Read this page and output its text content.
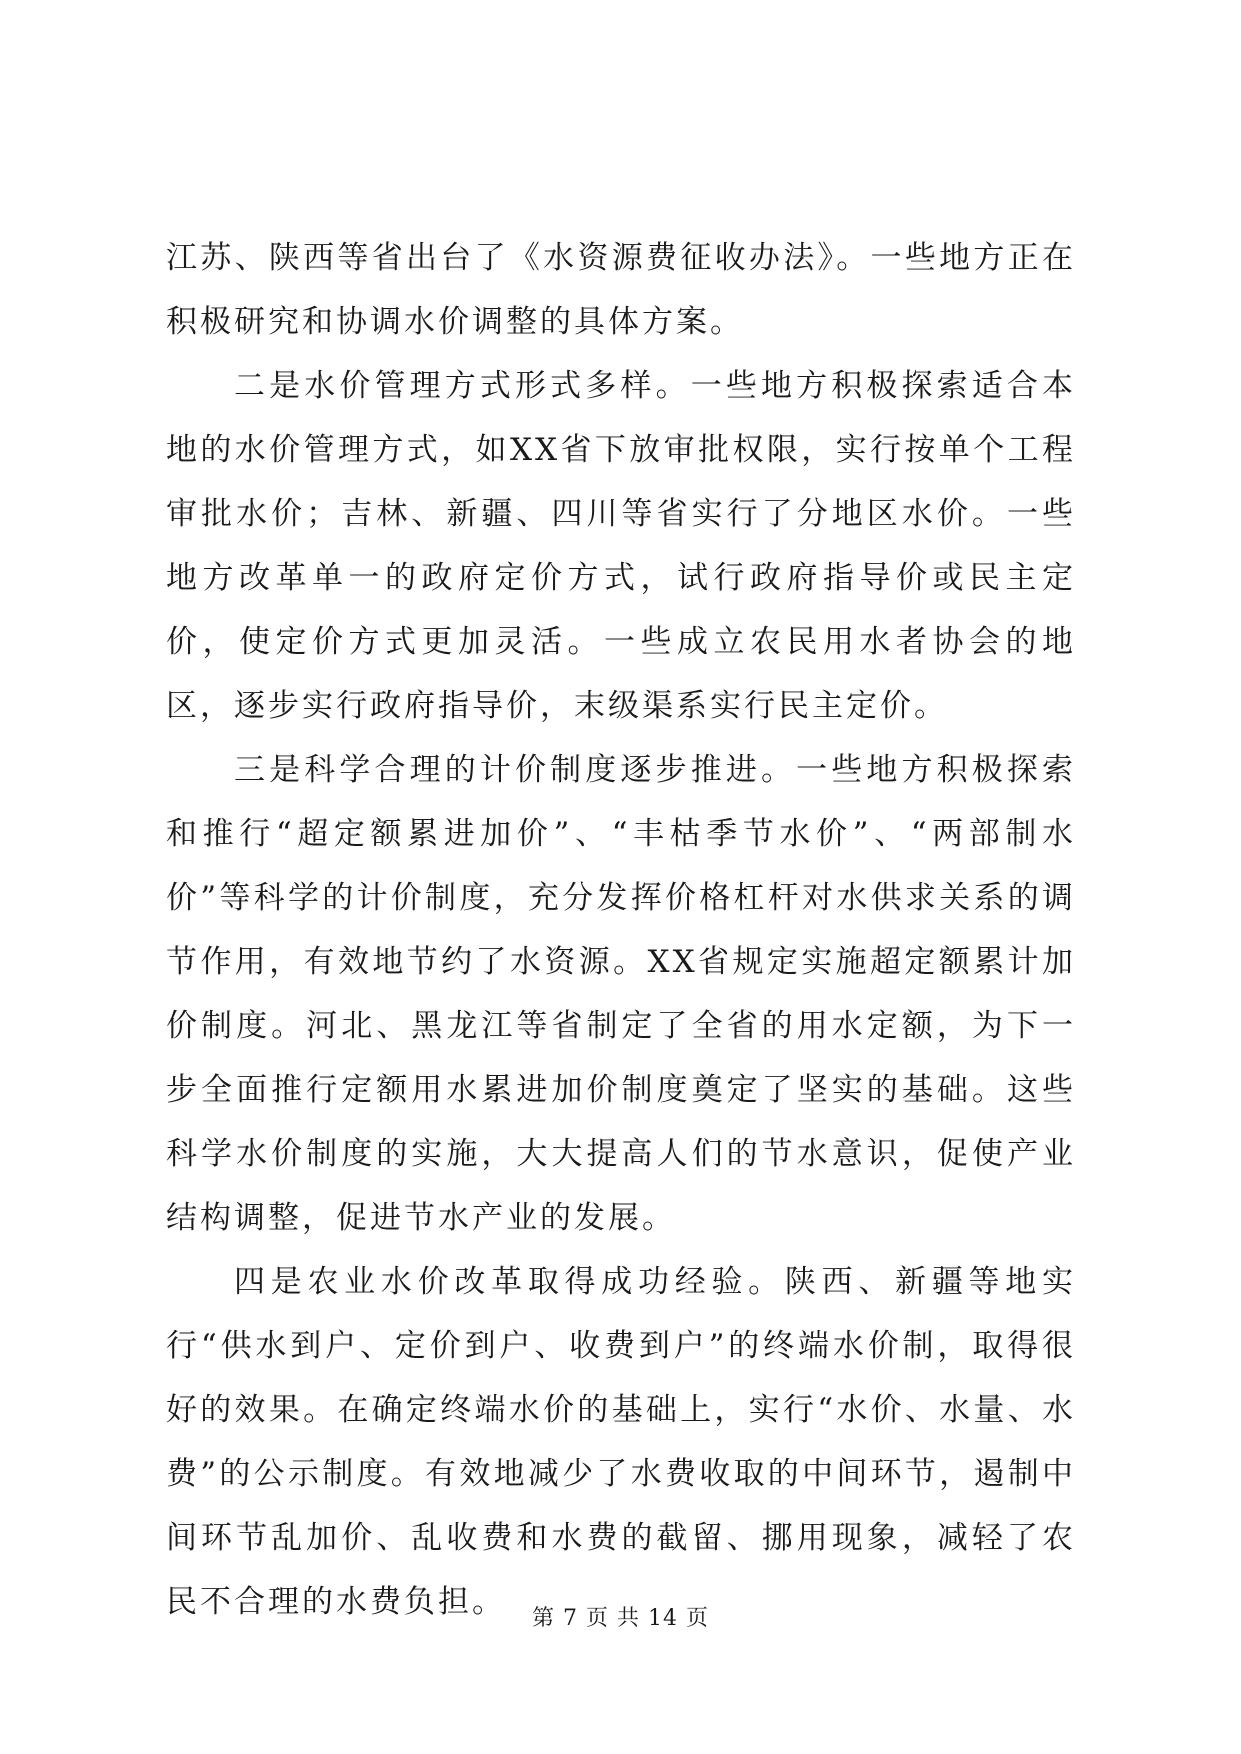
江苏、陕西等省出台了《水资源费征收办法》。一些地方正在积极研究和协调水价调整的具体方案。

二是水价管理方式形式多样。一些地方积极探索适合本地的水价管理方式，如XX省下放审批权限，实行按单个工程审批水价；吉林、新疆、四川等省实行了分地区水价。一些地方改革单一的政府定价方式，试行政府指导价或民主定价，使定价方式更加灵活。一些成立农民用水者协会的地区，逐步实行政府指导价，末级渠系实行民主定价。

三是科学合理的计价制度逐步推进。一些地方积极探索和推行“超定额累进加价”、“丰枯季节水价”、“两部制水价”等科学的计价制度，充分发挥价格杠杆对水供求关系的调节作用，有效地节约了水资源。XX省规定实施超定额累计加价制度。河北、黑龙江等省制定了全省的用水定额，为下一步全面推行定额用水累进加价制度奠定了坚实的基础。这些科学水价制度的实施，大大提高人们的节水意识，促使产业结构调整，促进节水产业的发展。

四是农业水价改革取得成功经验。陕西、新疆等地实行“供水到户、定价到户、收费到户”的终端水价制，取得很好的效果。在确定终端水价的基础上，实行“水价、水量、水费”的公示制度。有效地减少了水费收取的中间环节，遏制中间环节乱加价、乱收费和水费的截留、挪用现象，减轻了农民不合理的水费负担。	第 7 页 共 14 页
